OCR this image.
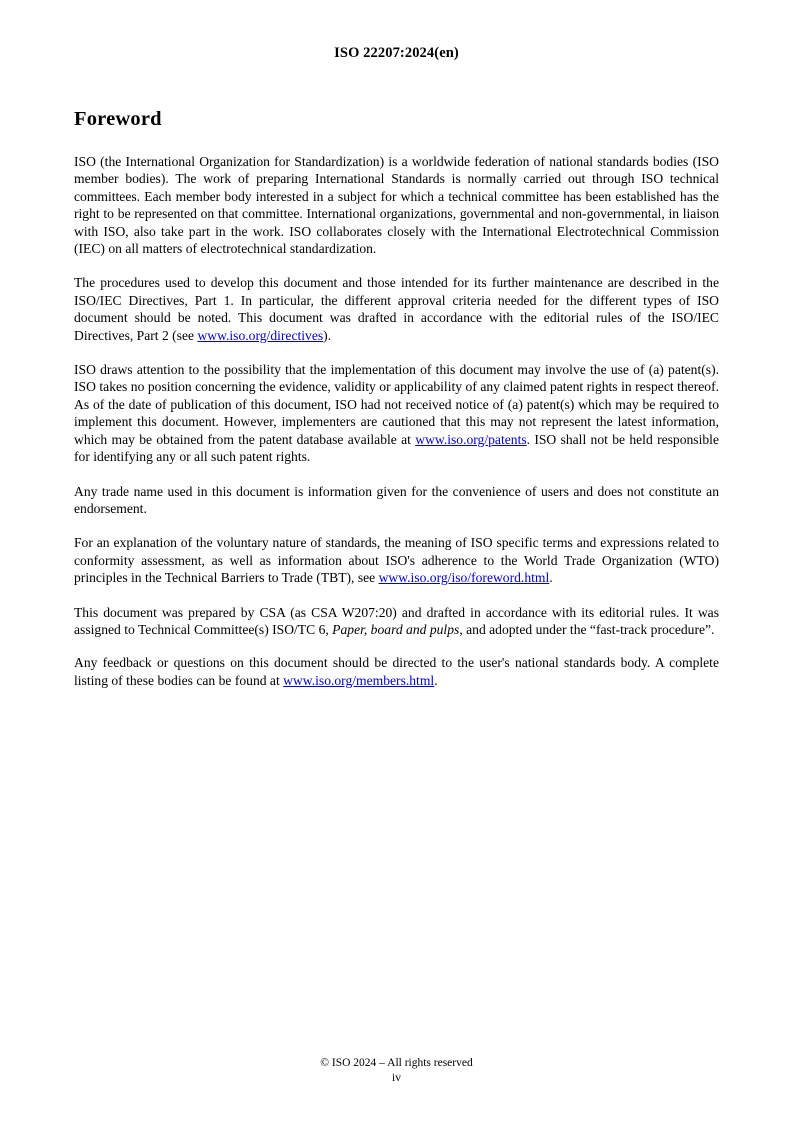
ISO 22207:2024(en)
Foreword

ISO (the International Organization for Standardization) is a worldwide federation of national standards bodies (ISO member bodies). The work of preparing International Standards is normally carried out through ISO technical committees. Each member body interested in a subject for which a technical committee has been established has the right to be represented on that committee. International organizations, governmental and non-governmental, in liaison with ISO, also take part in the work. ISO collaborates closely with the International Electrotechnical Commission (IEC) on all matters of electrotechnical standardization.

The procedures used to develop this document and those intended for its further maintenance are described in the ISO/IEC Directives, Part 1. In particular, the different approval criteria needed for the different types of ISO document should be noted. This document was drafted in accordance with the editorial rules of the ISO/IEC Directives, Part 2 (see www.iso.org/directives).

ISO draws attention to the possibility that the implementation of this document may involve the use of (a) patent(s). ISO takes no position concerning the evidence, validity or applicability of any claimed patent rights in respect thereof. As of the date of publication of this document, ISO had not received notice of (a) patent(s) which may be required to implement this document. However, implementers are cautioned that this may not represent the latest information, which may be obtained from the patent database available at www.iso.org/patents. ISO shall not be held responsible for identifying any or all such patent rights.

Any trade name used in this document is information given for the convenience of users and does not constitute an endorsement.

For an explanation of the voluntary nature of standards, the meaning of ISO specific terms and expressions related to conformity assessment, as well as information about ISO's adherence to the World Trade Organization (WTO) principles in the Technical Barriers to Trade (TBT), see www.iso.org/iso/foreword.html.

This document was prepared by CSA (as CSA W207:20) and drafted in accordance with its editorial rules. It was assigned to Technical Committee(s) ISO/TC 6, Paper, board and pulps, and adopted under the “fast-track procedure”.

Any feedback or questions on this document should be directed to the user's national standards body. A complete listing of these bodies can be found at www.iso.org/members.html.

© ISO 2024 – All rights reserved
iv
